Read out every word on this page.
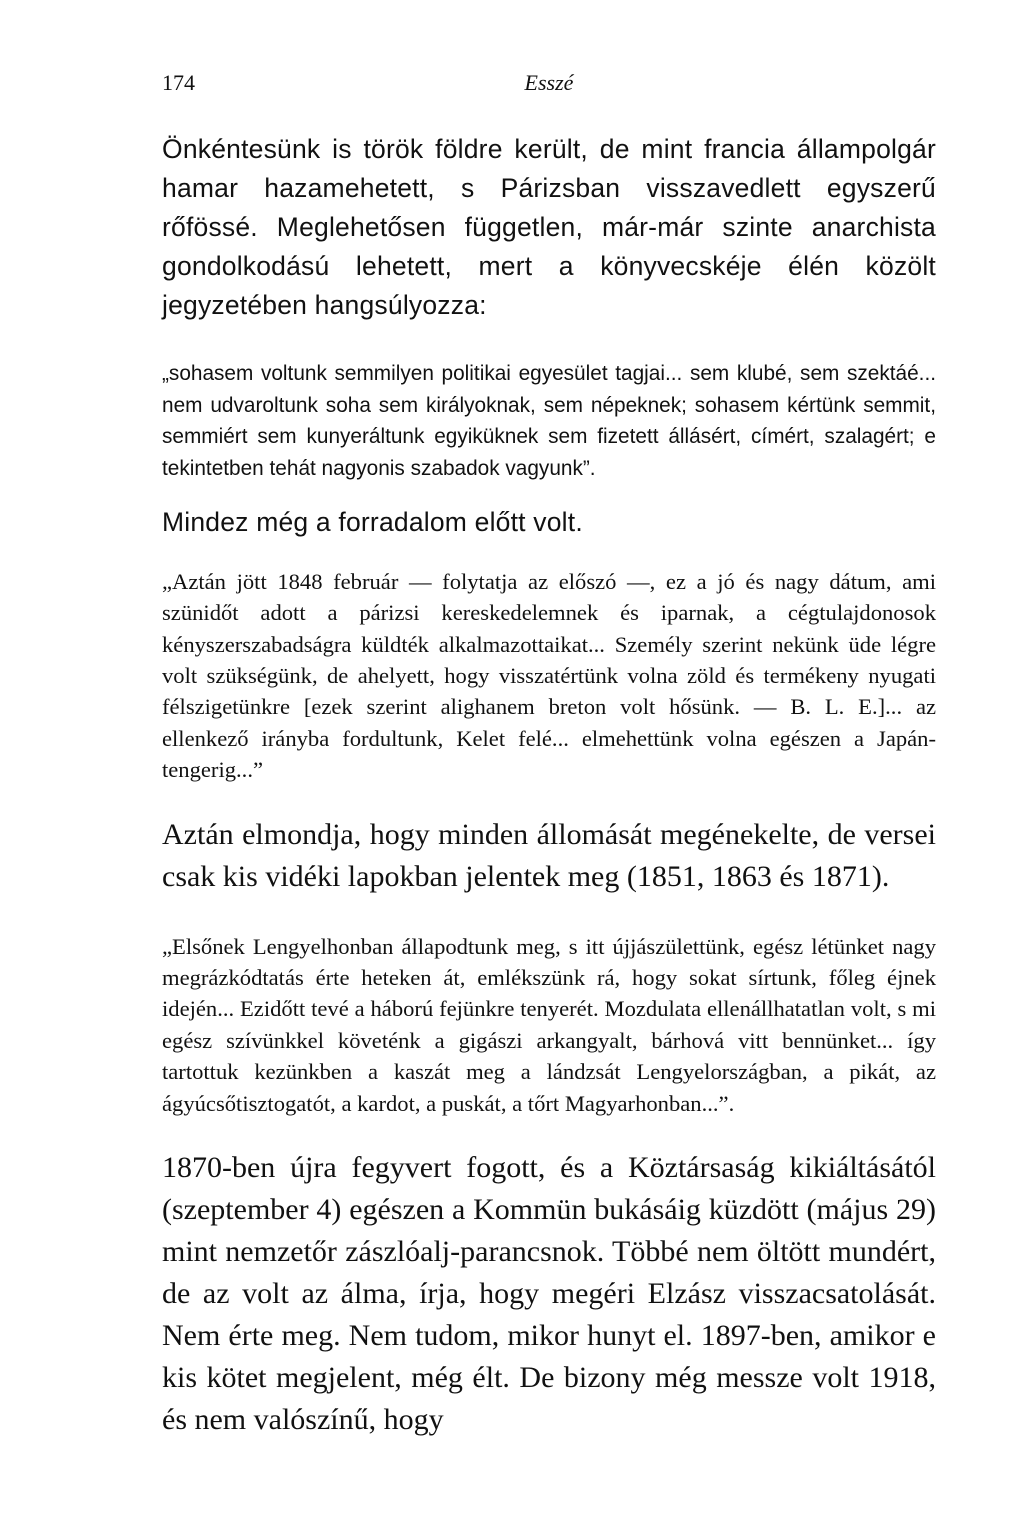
174	Esszé

Önkéntesünk is török földre került, de mint francia állampolgár hamar hazamehetett, s Párizsban visszavedlett egyszerű rőfössé. Meglehetősen független, már-már szinte anarchista gondolkodású lehetett, mert a könyvecskéje élén közölt jegyzetében hangsúlyozza:

„sohasem voltunk semmilyen politikai egyesület tagjai... sem klubé, sem szektáé... nem udvaroltunk soha sem királyoknak, sem népeknek; sohasem kértünk semmit, semmiért sem kunyeráltunk egyiküknek sem fizetett állásért, címért, szalagért; e tekintetben tehát nagyonis szabadok vagyunk”.

Mindez még a forradalom előtt volt.

„Aztán jött 1848 február — folytatja az előszó —, ez a jó és nagy dátum, ami szünidőt adott a párizsi kereskedelemnek és iparnak, a cégtulajdonosok kényszerszabadságra küldték alkalmazottaikat... Személy szerint nekünk üde légre volt szükségünk, de ahelyett, hogy visszatértünk volna zöld és termékeny nyugati félszigetünkre [ezek szerint alighanem breton volt hősünk. — B. L. E.]... az ellenkező irányba fordultunk, Kelet felé... elmehettünk volna egészen a Japán-tengerig...”

Aztán elmondja, hogy minden állomását megénekelte, de versei csak kis vidéki lapokban jelentek meg (1851, 1863 és 1871).

„Elsőnek Lengyelhonban állapodtunk meg, s itt újjászülettünk, egész létünket nagy megrázkódtatás érte heteken át, emlékszünk rá, hogy sokat sírtunk, főleg éjnek idején... Ezidőtt tevé a háború fejünkre tenyerét. Mozdulata ellenállhatatlan volt, s mi egész szívünkkel követénk a gigászi arkangyalt, bárhová vitt bennünket... így tartottuk kezünkben a kaszát meg a lándzsát Lengyelországban, a pikát, az ágyúcsőtisztogatót, a kardot, a puskát, a tőrt Magyarhonban...”.

1870-ben újra fegyvert fogott, és a Köztársaság kikiáltásától (szeptember 4) egészen a Kommün bukásáig küzdött (május 29) mint nemzetőr zászlóalj-parancsnok. Többé nem öltött mundért, de az volt az álma, írja, hogy megéri Elzász visszacsatolását. Nem érte meg. Nem tudom, mikor hunyt el. 1897-ben, amikor e kis kötet megjelent, még élt. De bizony még messze volt 1918, és nem valószínű, hogy
